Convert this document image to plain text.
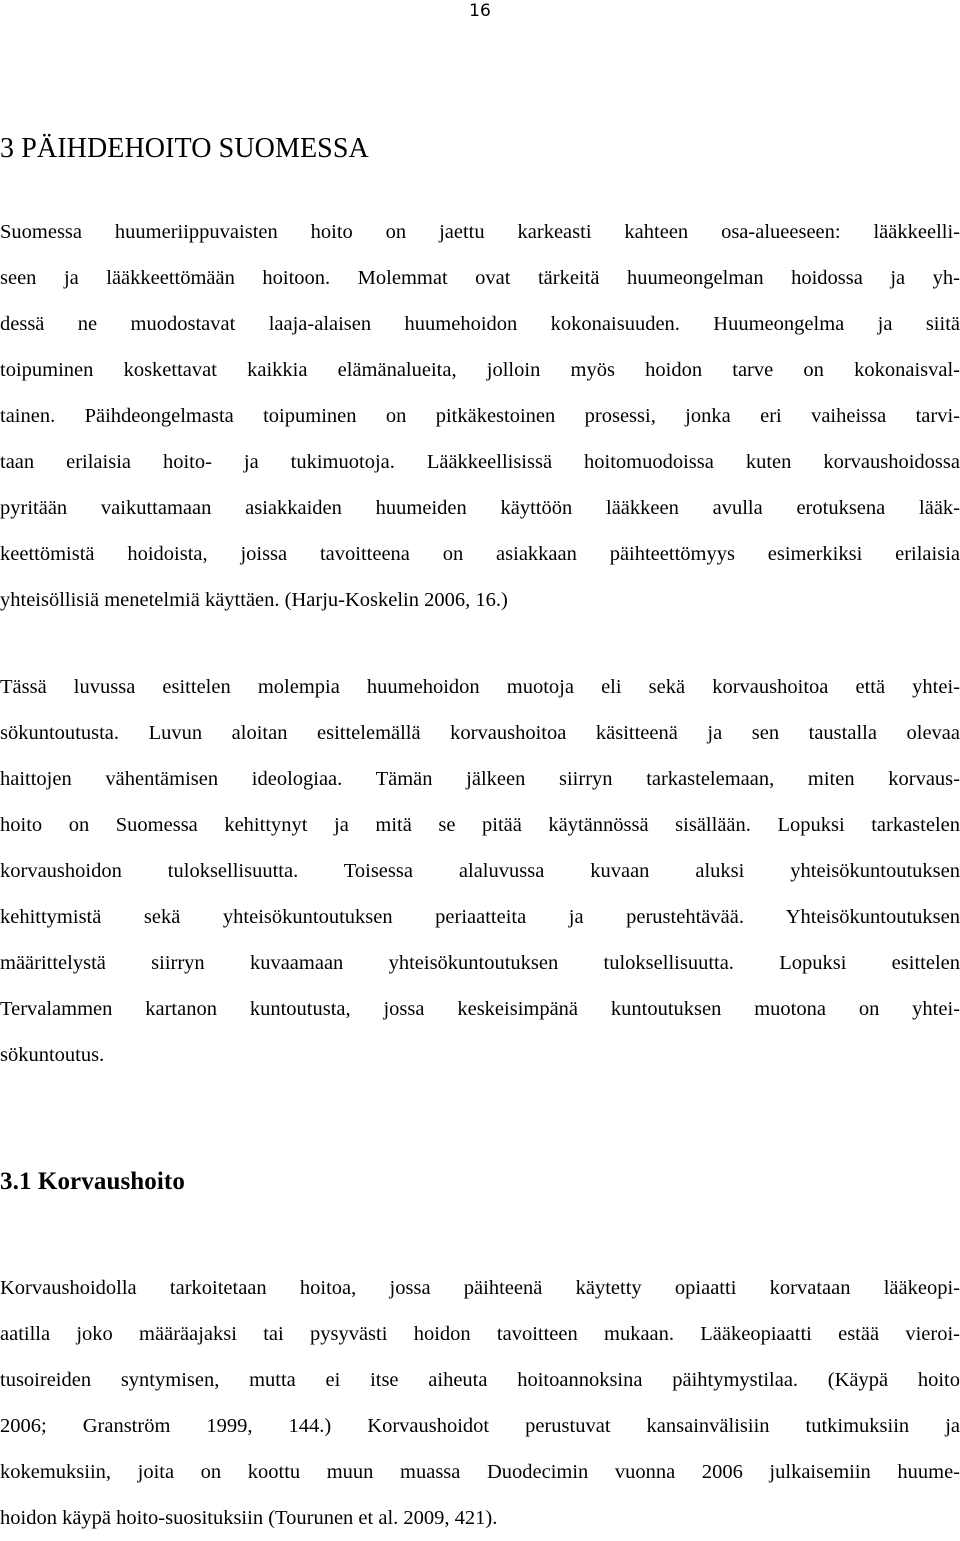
16
3 PÄIHDEHOITO SUOMESSA
Suomessa huumeriippuvaisten hoito on jaettu karkeasti kahteen osa-alueeseen: lääkkeelli-
seen ja lääkkeettömään hoitoon. Molemmat ovat tärkeitä huumeongelman hoidossa ja yh-
dessä ne muodostavat laaja-alaisen huumehoidon kokonaisuuden. Huumeongelma ja siitä
toipuminen koskettavat kaikkia elämänalueita, jolloin myös hoidon tarve on kokonaisval-
tainen. Päihdeongelmasta toipuminen on pitkäkestoinen prosessi, jonka eri vaiheissa tarvi-
taan erilaisia hoito- ja tukimuotoja. Lääkkeellisissä hoitomuodoissa kuten korvaushoidossa
pyritään vaikuttamaan asiakkaiden huumeiden käyttöön lääkkeen avulla erotuksena lääk-
keettömistä hoidoista, joissa tavoitteena on asiakkaan päihteettömyys esimerkiksi erilaisia
yhteisöllisiä menetelmiä käyttäen. (Harju-Koskelin 2006, 16.)
Tässä luvussa esittelen molempia huumehoidon muotoja eli sekä korvaushoitoa että yhtei-
sökuntoutusta. Luvun aloitan esittelemällä korvaushoitoa käsitteenä ja sen taustalla olevaa
haittojen vähentämisen ideologiaa. Tämän jälkeen siirryn tarkastelemaan, miten korvaus-
hoito on Suomessa kehittynyt ja mitä se pitää käytännössä sisällään. Lopuksi tarkastelen
korvaushoidon tuloksellisuutta. Toisessa alaluvussa kuvaan aluksi yhteisökuntoutuksen
kehittymistä sekä yhteisökuntoutuksen periaatteita ja perustehtävää. Yhteisökuntoutuksen
määrittelystä siirryn kuvaamaan yhteisökuntoutuksen tuloksellisuutta. Lopuksi esittelen
Tervalammen kartanon kuntoutusta, jossa keskeisimpänä kuntoutuksen muotona on yhtei-
sökuntoutus.
3.1 Korvaushoito
Korvaushoidolla tarkoitetaan hoitoa, jossa päihteenä käytetty opiaatti korvataan lääkeopi-
aatilla joko määräajaksi tai pysyvästi hoidon tavoitteen mukaan. Lääkeopiaatti estää vieroi-
tusoireiden syntymisen, mutta ei itse aiheuta hoitoannoksina päihtymystilaa. (Käypä hoito
2006; Granström 1999, 144.) Korvaushoidot perustuvat kansainvälisiin tutkimuksiin ja
kokemuksiin, joita on koottu muun muassa Duodecimin vuonna 2006 julkaisemiin huume-
hoidon käypä hoito-suosituksiin (Tourunen et al. 2009, 421).
